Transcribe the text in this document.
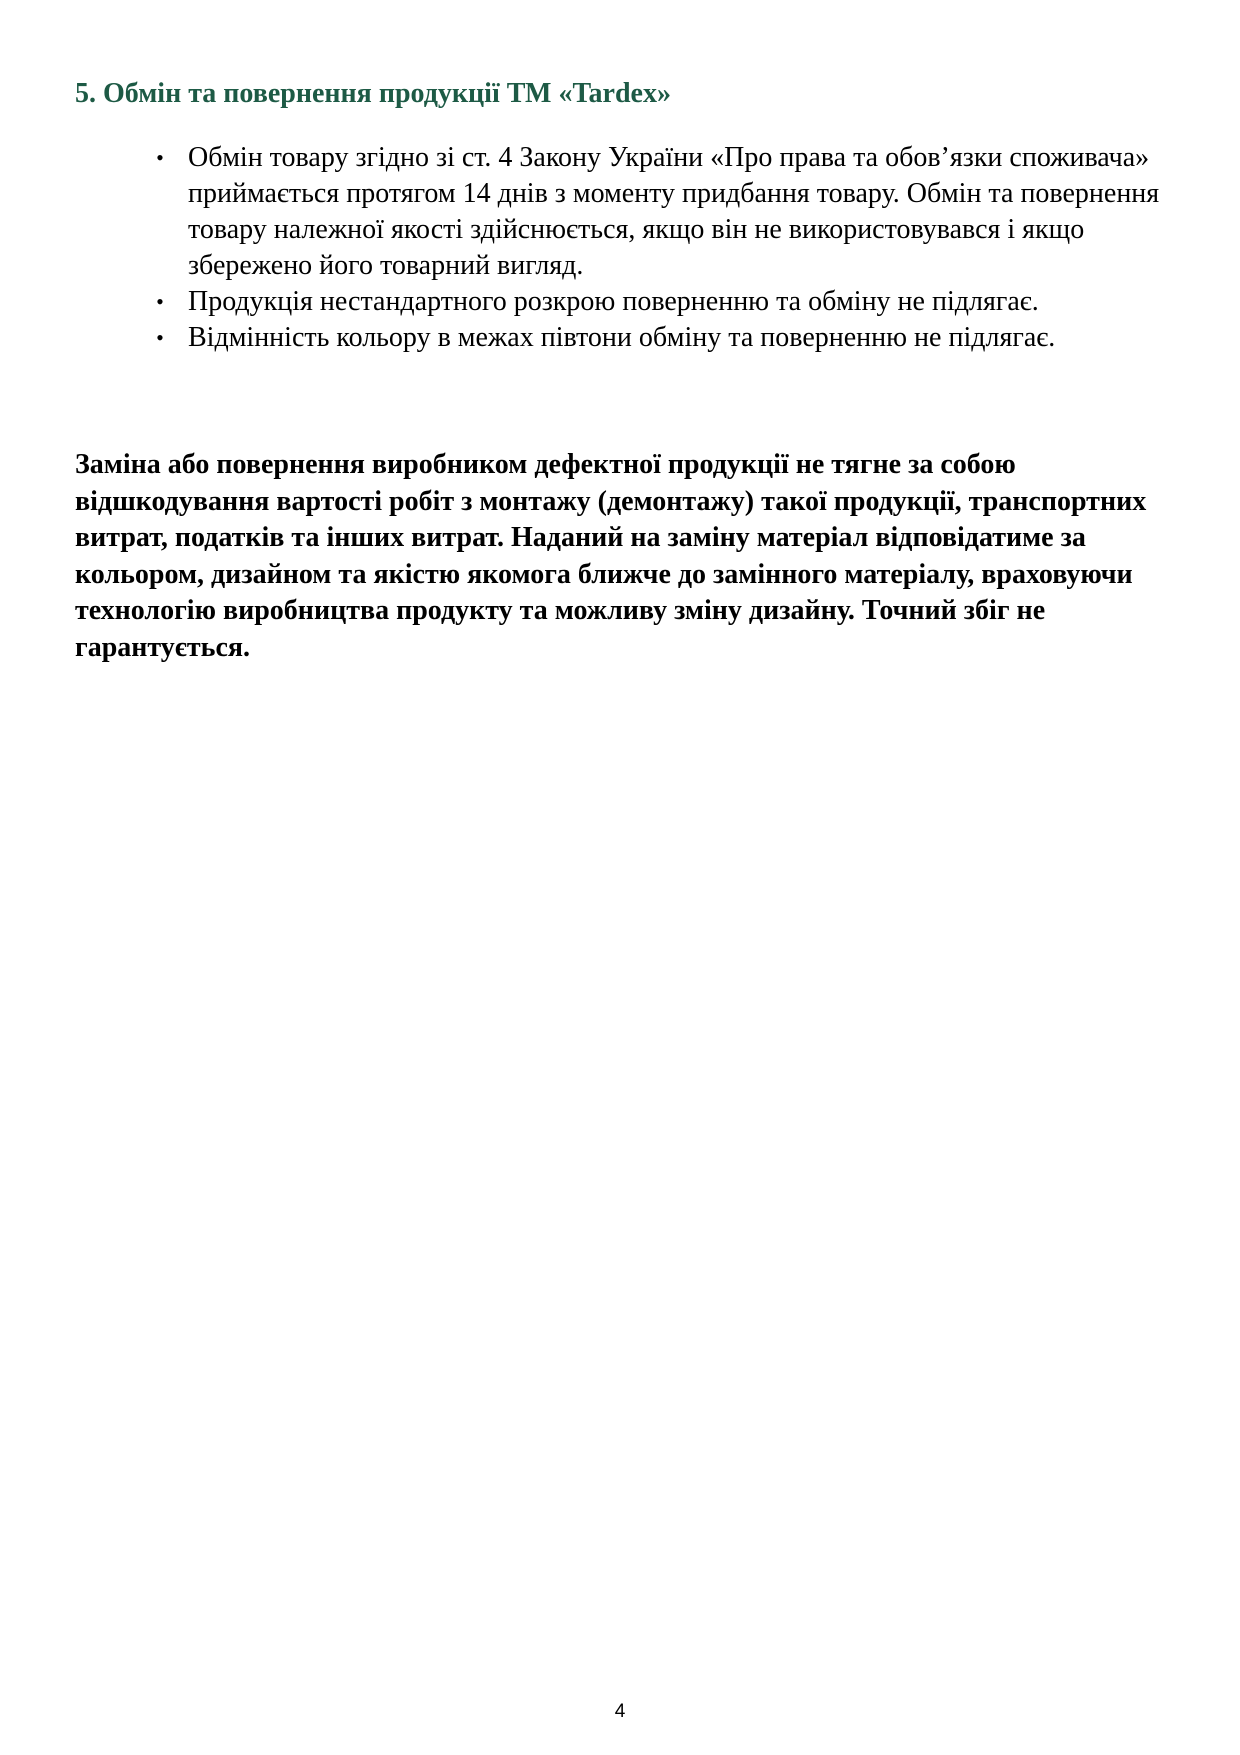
5. Обмін та повернення продукції ТМ «Tardex»
• Обмін товару згідно зі ст. 4 Закону України «Про права та обов’язки споживача» приймається протягом 14 днів з моменту придбання товару. Обмін та повернення товару належної якості здійснюється, якщо він не використовувався і якщо збережено його товарний вигляд.
• Продукція нестандартного розкрою поверненню та обміну не підлягає.
• Відмінність кольору в межах півтони обміну та поверненню не підлягає.

Заміна або повернення виробником дефектної продукції не тягне за собою відшкодування вартості робіт з монтажу (демонтажу) такої продукції, транспортних витрат, податків та інших витрат. Наданий на заміну матеріал відповідатиме за кольором, дизайном та якістю якомога ближче до замінного матеріалу, враховуючи технологію виробництва продукту та можливу зміну дизайну. Точний збіг не гарантується.

4
